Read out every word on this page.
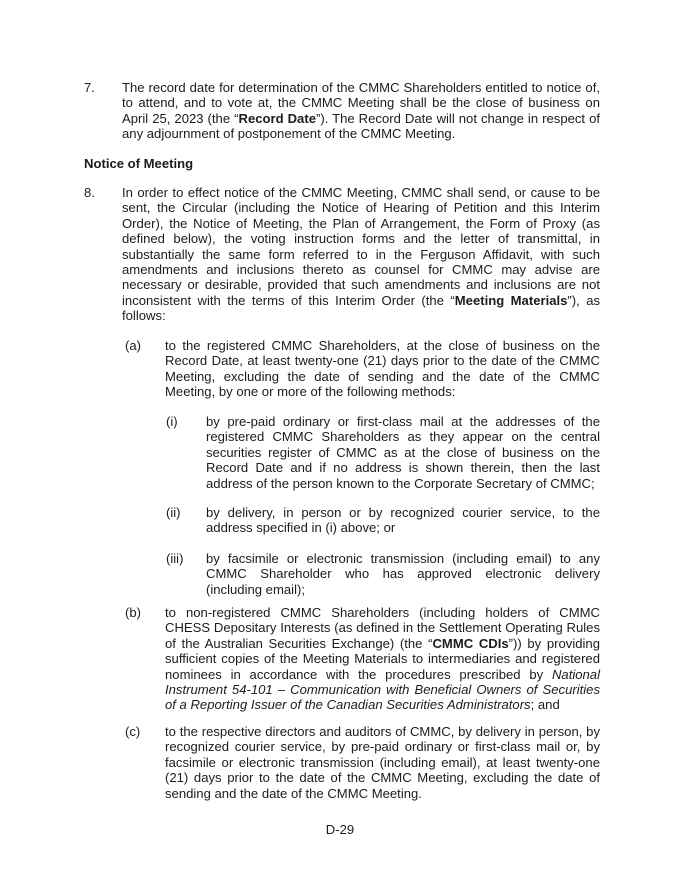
7. The record date for determination of the CMMC Shareholders entitled to notice of, to attend, and to vote at, the CMMC Meeting shall be the close of business on April 25, 2023 (the “Record Date”). The Record Date will not change in respect of any adjournment of postponement of the CMMC Meeting.
Notice of Meeting
8. In order to effect notice of the CMMC Meeting, CMMC shall send, or cause to be sent, the Circular (including the Notice of Hearing of Petition and this Interim Order), the Notice of Meeting, the Plan of Arrangement, the Form of Proxy (as defined below), the voting instruction forms and the letter of transmittal, in substantially the same form referred to in the Ferguson Affidavit, with such amendments and inclusions thereto as counsel for CMMC may advise are necessary or desirable, provided that such amendments and inclusions are not inconsistent with the terms of this Interim Order (the “Meeting Materials”), as follows:
(a) to the registered CMMC Shareholders, at the close of business on the Record Date, at least twenty-one (21) days prior to the date of the CMMC Meeting, excluding the date of sending and the date of the CMMC Meeting, by one or more of the following methods:
(i) by pre-paid ordinary or first-class mail at the addresses of the registered CMMC Shareholders as they appear on the central securities register of CMMC as at the close of business on the Record Date and if no address is shown therein, then the last address of the person known to the Corporate Secretary of CMMC;
(ii) by delivery, in person or by recognized courier service, to the address specified in (i) above; or
(iii) by facsimile or electronic transmission (including email) to any CMMC Shareholder who has approved electronic delivery (including email);
(b) to non-registered CMMC Shareholders (including holders of CMMC CHESS Depositary Interests (as defined in the Settlement Operating Rules of the Australian Securities Exchange) (the “CMMC CDIs”)) by providing sufficient copies of the Meeting Materials to intermediaries and registered nominees in accordance with the procedures prescribed by National Instrument 54-101 – Communication with Beneficial Owners of Securities of a Reporting Issuer of the Canadian Securities Administrators; and
(c) to the respective directors and auditors of CMMC, by delivery in person, by recognized courier service, by pre-paid ordinary or first-class mail or, by facsimile or electronic transmission (including email), at least twenty-one (21) days prior to the date of the CMMC Meeting, excluding the date of sending and the date of the CMMC Meeting.
D-29
